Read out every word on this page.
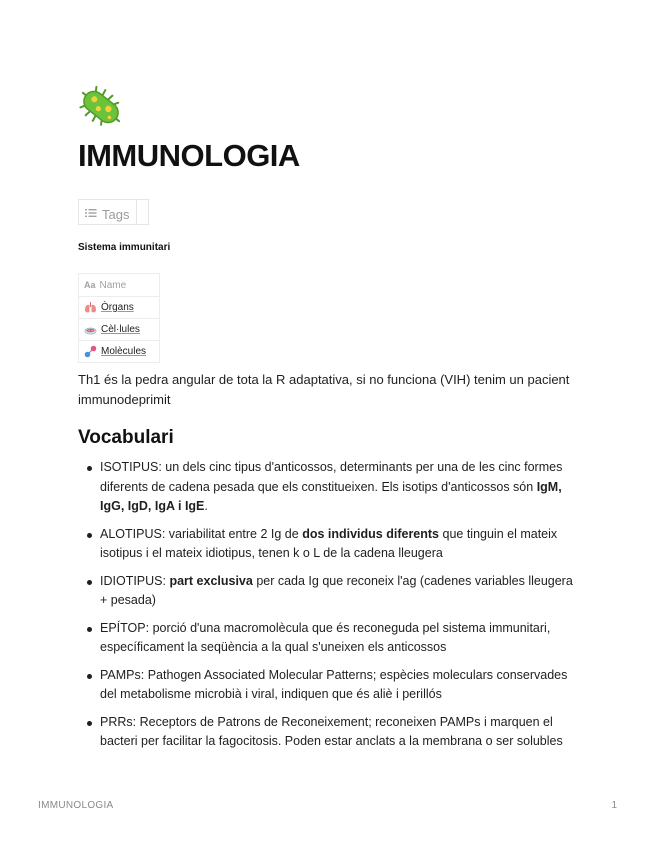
IMMUNOLOGIA
Tags

Sistema immunitari

Aa Name
Òrgans
Cèl·lules
Molècules

Th1 és la pedra angular de tota la R adaptativa, si no funciona (VIH) tenim un pacient immunodeprimit

Vocabulari
ISOTIPUS: un dels cinc tipus d'anticossos, determinants per una de les cinc formes diferents de cadena pesada que els constitueixen. Els isotips d'anticossos són IgM, IgG, IgD, IgA i IgE.
ALOTIPUS: variabilitat entre 2 Ig de dos individus diferents que tinguin el mateix isotipus i el mateix idiotipus, tenen k o L de la cadena lleugera
IDIOTIPUS: part exclusiva per cada Ig que reconeix l'ag (cadenes variables lleugera + pesada)
EPÍTOP: porció d'una macromolècula que és reconeguda pel sistema immunitari, específicament la seqüència a la qual s'uneixen els anticossos
PAMPs: Pathogen Associated Molecular Patterns; espècies moleculars conservades del metabolisme microbià i viral, indiquen que és aliè i perillós
PRRs: Receptors de Patrons de Reconeixement; reconeixen PAMPs i marquen el bacteri per facilitar la fagocitosis. Poden estar anclats a la membrana o ser solubles
IMMUNOLOGIA	1
